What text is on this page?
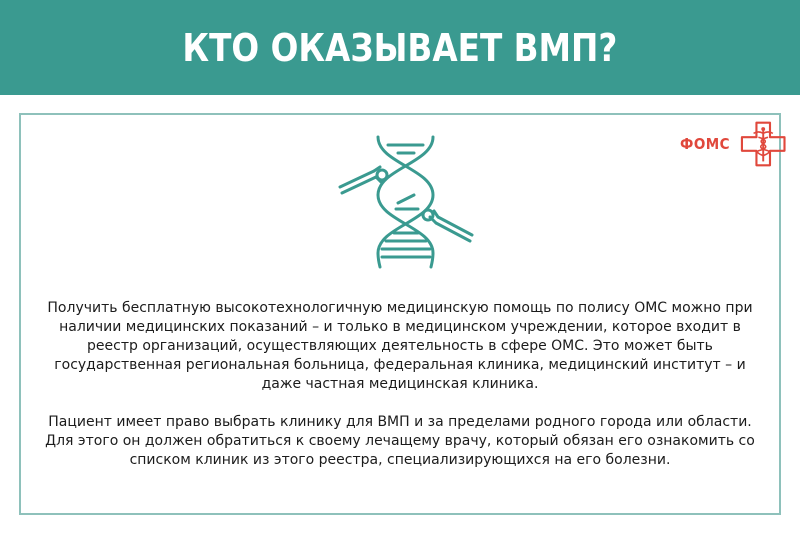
КТО ОКАЗЫВАЕТ ВМП?
ФОМС

Получить бесплатную высокотехнологичную медицинскую помощь по полису ОМС можно при наличии медицинских показаний – и только в медицинском учреждении, которое входит в реестр организаций, осуществляющих деятельность в сфере ОМС. Это может быть государственная региональная больница, федеральная клиника, медицинский институт – и даже частная медицинская клиника.

Пациент имеет право выбрать клинику для ВМП и за пределами родного города или области. Для этого он должен обратиться к своему лечащему врачу, который обязан его ознакомить со списком клиник из этого реестра, специализирующихся на его болезни.
